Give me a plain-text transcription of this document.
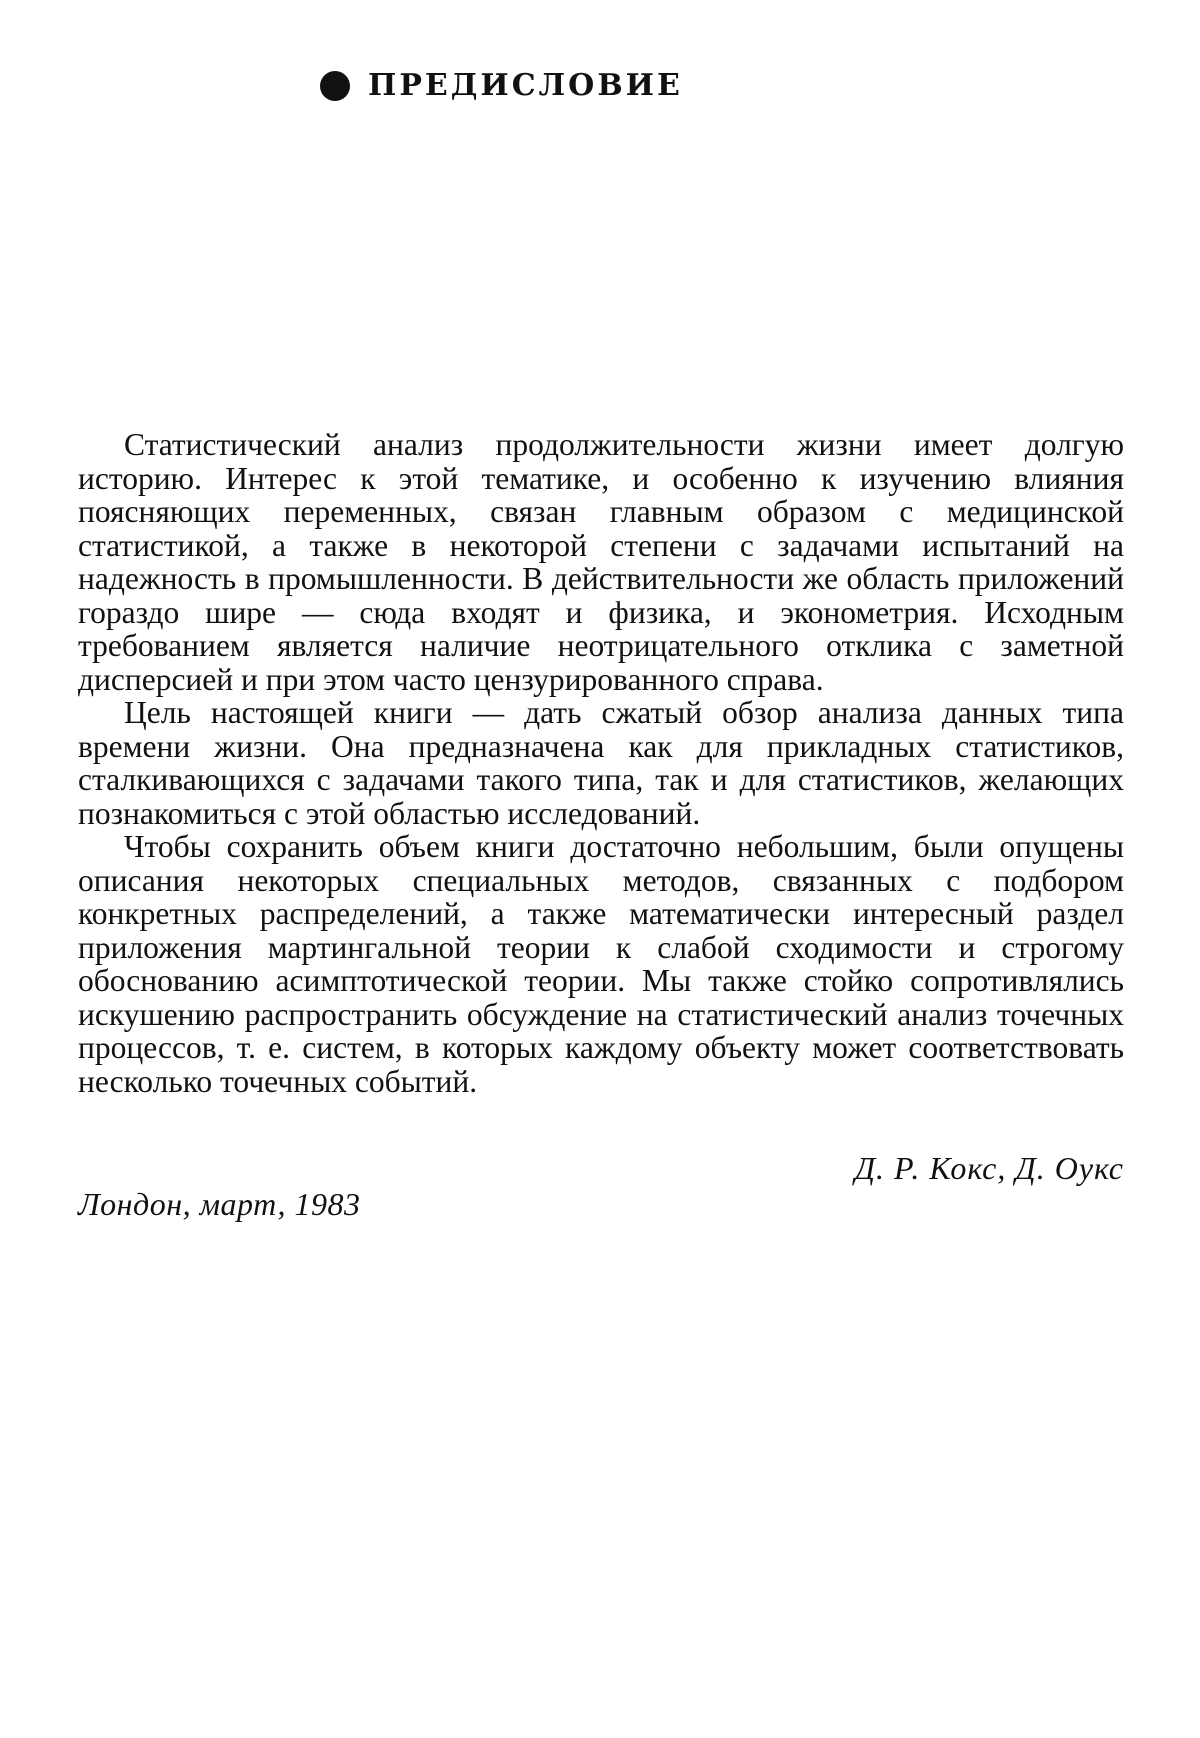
ПРЕДИСЛОВИЕ

Статистический анализ продолжительности жизни имеет долгую историю. Интерес к этой тематике, и особенно к изучению влияния поясняющих переменных, связан главным образом с медицинской статистикой, а также в некоторой степени с задачами испытаний на надежность в промышленности. В действительности же область приложений гораздо шире — сюда входят и физика, и эконометрия. Исходным требованием является наличие неотрицательного отклика с заметной дисперсией и при этом часто цензурированного справа.

Цель настоящей книги — дать сжатый обзор анализа данных типа времени жизни. Она предназначена как для прикладных статистиков, сталкивающихся с задачами такого типа, так и для статистиков, желающих познакомиться с этой областью исследований.

Чтобы сохранить объем книги достаточно небольшим, были опущены описания некоторых специальных методов, связанных с подбором конкретных распределений, а также математически интересный раздел приложения мартингальной теории к слабой сходимости и строгому обоснованию асимптотической теории. Мы также стойко сопротивлялись искушению распространить обсуждение на статистический анализ точечных процессов, т. е. систем, в которых каждому объекту может соответствовать несколько точечных событий.

Д. Р. Кокс, Д. Оукс
Лондон, март, 1983
